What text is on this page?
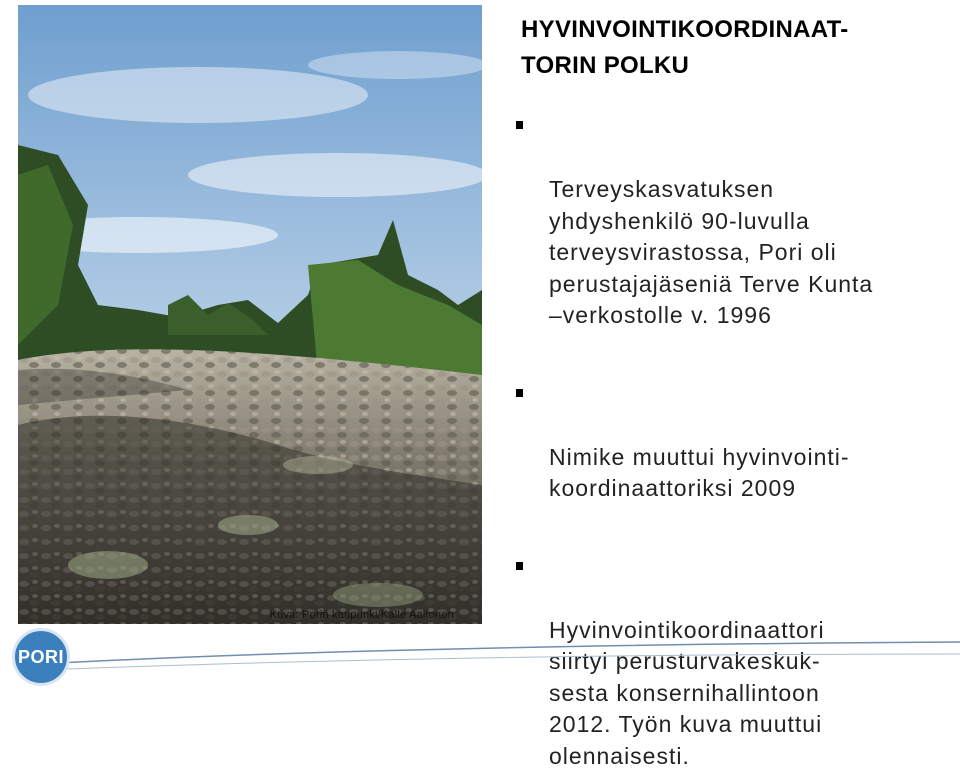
Kuva: Porin kaupunki/Kalle Aaltonen
HYVINVOINTIKOORDINAAT-
TORIN POLKU

Terveyskasvatuksen
yhdyshenkilö 90-luvulla
terveysvirastossa, Pori oli
perustajajäseniä Terve Kunta
–verkostolle v. 1996

Nimike muuttui hyvinvointi-
koordinaattoriksi 2009

Hyvinvointikoordinaattori
siirtyi perusturvakeskuk-
sesta konsernihallintoon
2012. Työn kuva muuttui
olennaisesti.

PORI
